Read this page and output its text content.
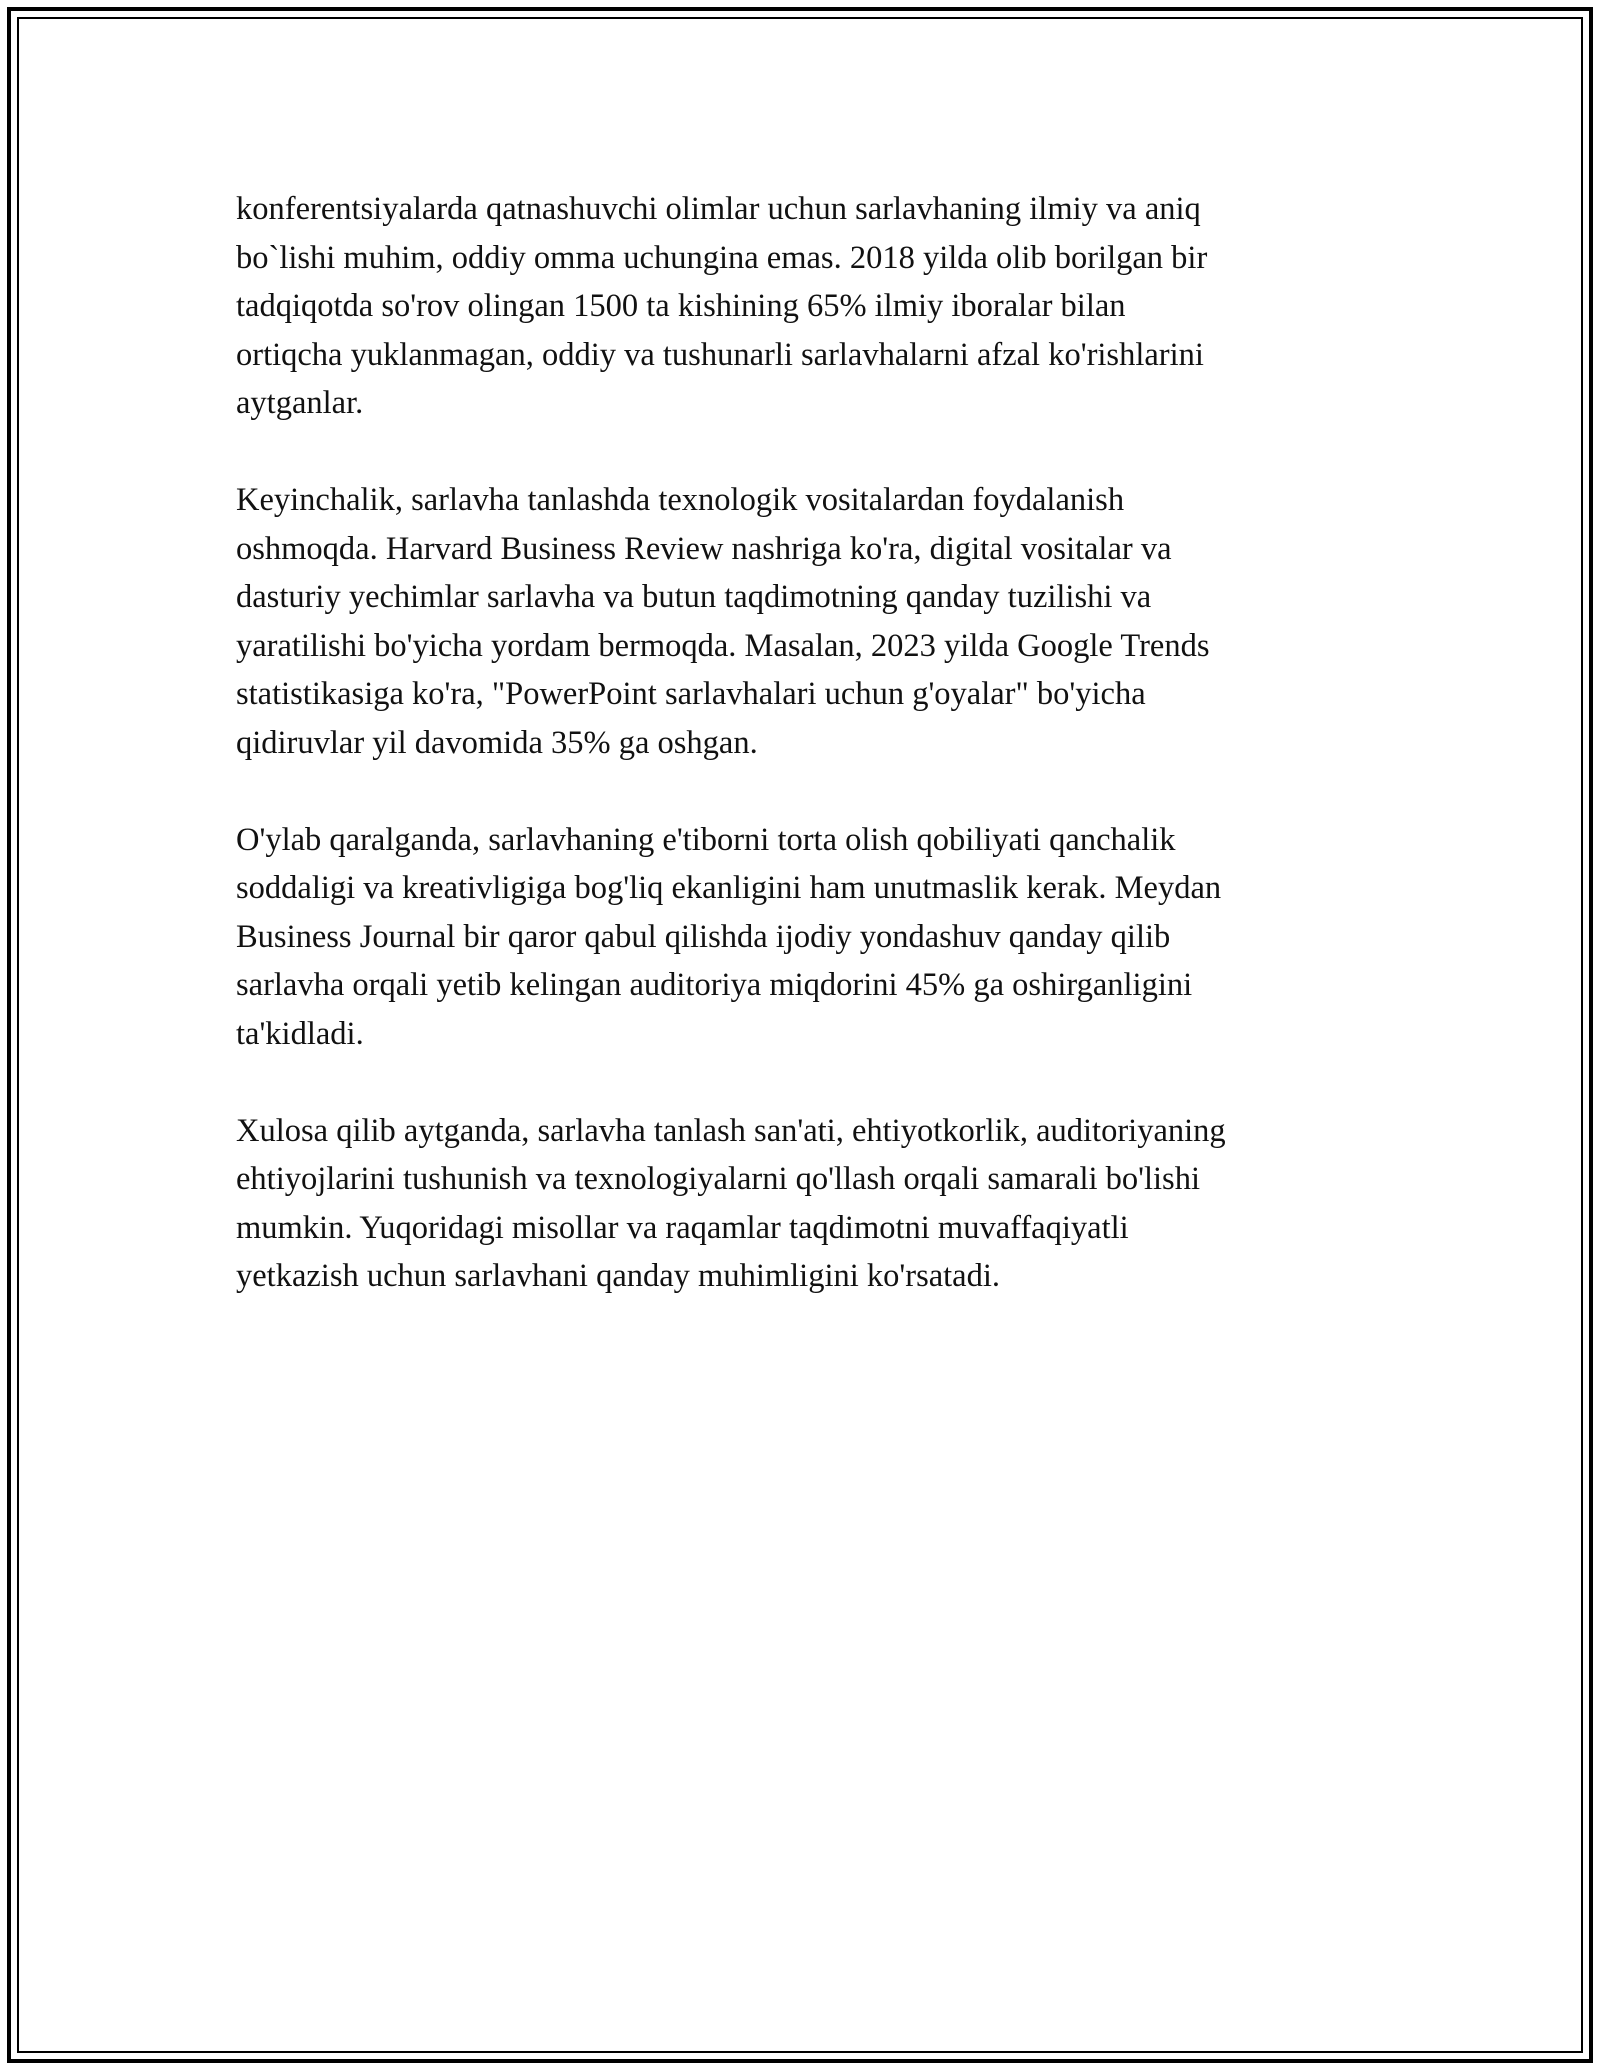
konferentsiyalarda qatnashuvchi olimlar uchun sarlavhaning ilmiy va aniq
bo`lishi muhim, oddiy omma uchungina emas. 2018 yilda olib borilgan bir
tadqiqotda so'rov olingan 1500 ta kishining 65% ilmiy iboralar bilan
ortiqcha yuklanmagan, oddiy va tushunarli sarlavhalarni afzal ko'rishlarini
aytganlar.

Keyinchalik, sarlavha tanlashda texnologik vositalardan foydalanish
oshmoqda. Harvard Business Review nashriga ko'ra, digital vositalar va
dasturiy yechimlar sarlavha va butun taqdimotning qanday tuzilishi va
yaratilishi bo'yicha yordam bermoqda. Masalan, 2023 yilda Google Trends
statistikasiga ko'ra, "PowerPoint sarlavhalari uchun g'oyalar" bo'yicha
qidiruvlar yil davomida 35% ga oshgan.

O'ylab qaralganda, sarlavhaning e'tiborni torta olish qobiliyati qanchalik
soddaligi va kreativligiga bog'liq ekanligini ham unutmaslik kerak. Meydan
Business Journal bir qaror qabul qilishda ijodiy yondashuv qanday qilib
sarlavha orqali yetib kelingan auditoriya miqdorini 45% ga oshirganligini
ta'kidladi.

Xulosa qilib aytganda, sarlavha tanlash san'ati, ehtiyotkorlik, auditoriyaning
ehtiyojlarini tushunish va texnologiyalarni qo'llash orqali samarali bo'lishi
mumkin. Yuqoridagi misollar va raqamlar taqdimotni muvaffaqiyatli
yetkazish uchun sarlavhani qanday muhimligini ko'rsatadi.
